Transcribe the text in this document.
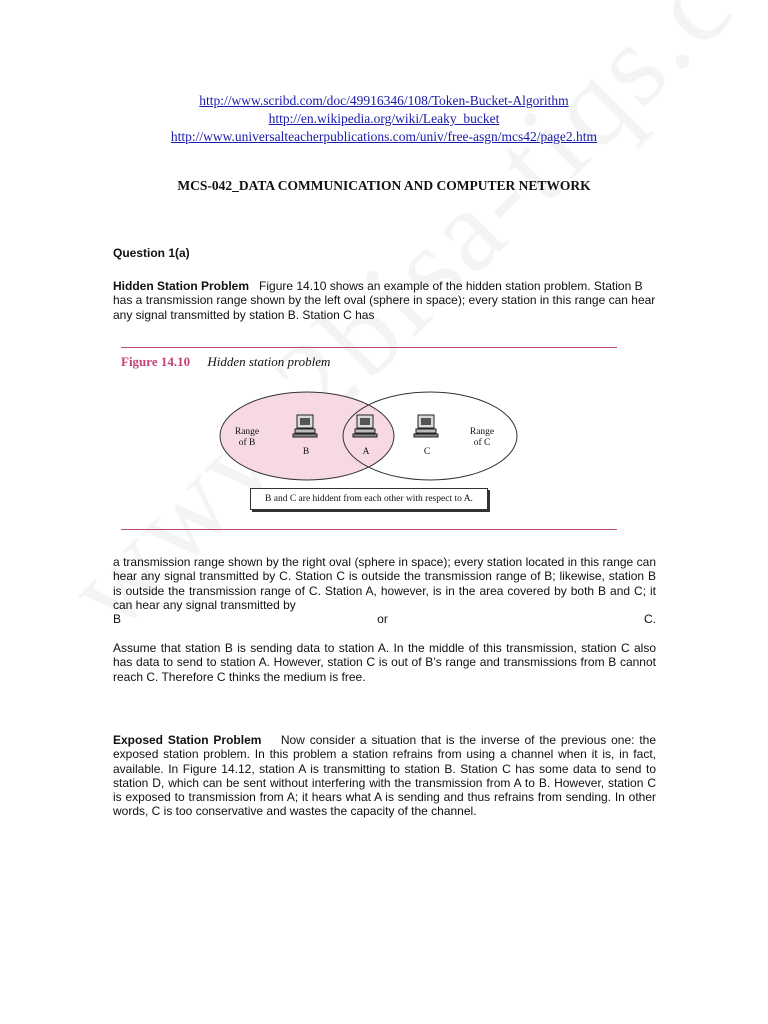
http://www.scribd.com/doc/49916346/108/Token-Bucket-Algorithm
http://en.wikipedia.org/wiki/Leaky_bucket
http://www.universalteacherpublications.com/univ/free-asgn/mcs42/page2.htm
MCS-042_DATA COMMUNICATION AND COMPUTER NETWORK
Question 1(a)
Hidden Station Problem Figure 14.10 shows an example of the hidden station problem. Station B has a transmission range shown by the left oval (sphere in space); every station in this range can hear any signal transmitted by station B. Station C has
Figure 14.10 Hidden station problem
Range
of B
Range
of C
B	A	C
B and C are hiddent from each other with respect to A.
a transmission range shown by the right oval (sphere in space); every station located in this range can hear any signal transmitted by C. Station C is outside the transmission range of B; likewise, station B is outside the transmission range of C. Station A, however, is in the area covered by both B and C; it can hear any signal transmitted by
B	or	C.
Assume that station B is sending data to station A. In the middle of this transmission, station C also has data to send to station A. However, station C is out of B’s range and transmissions from B cannot reach C. Therefore C thinks the medium is free.
Exposed Station Problem Now consider a situation that is the inverse of the previous one: the exposed station problem. In this problem a station refrains from using a channel when it is, in fact, available. In Figure 14.12, station A is transmitting to station B. Station C has some data to send to station D, which can be sent without interfering with the transmission from A to B. However, station C is exposed to transmission from A; it hears what A is sending and thus refrains from sending. In other words, C is too conservative and wastes the capacity of the channel.
